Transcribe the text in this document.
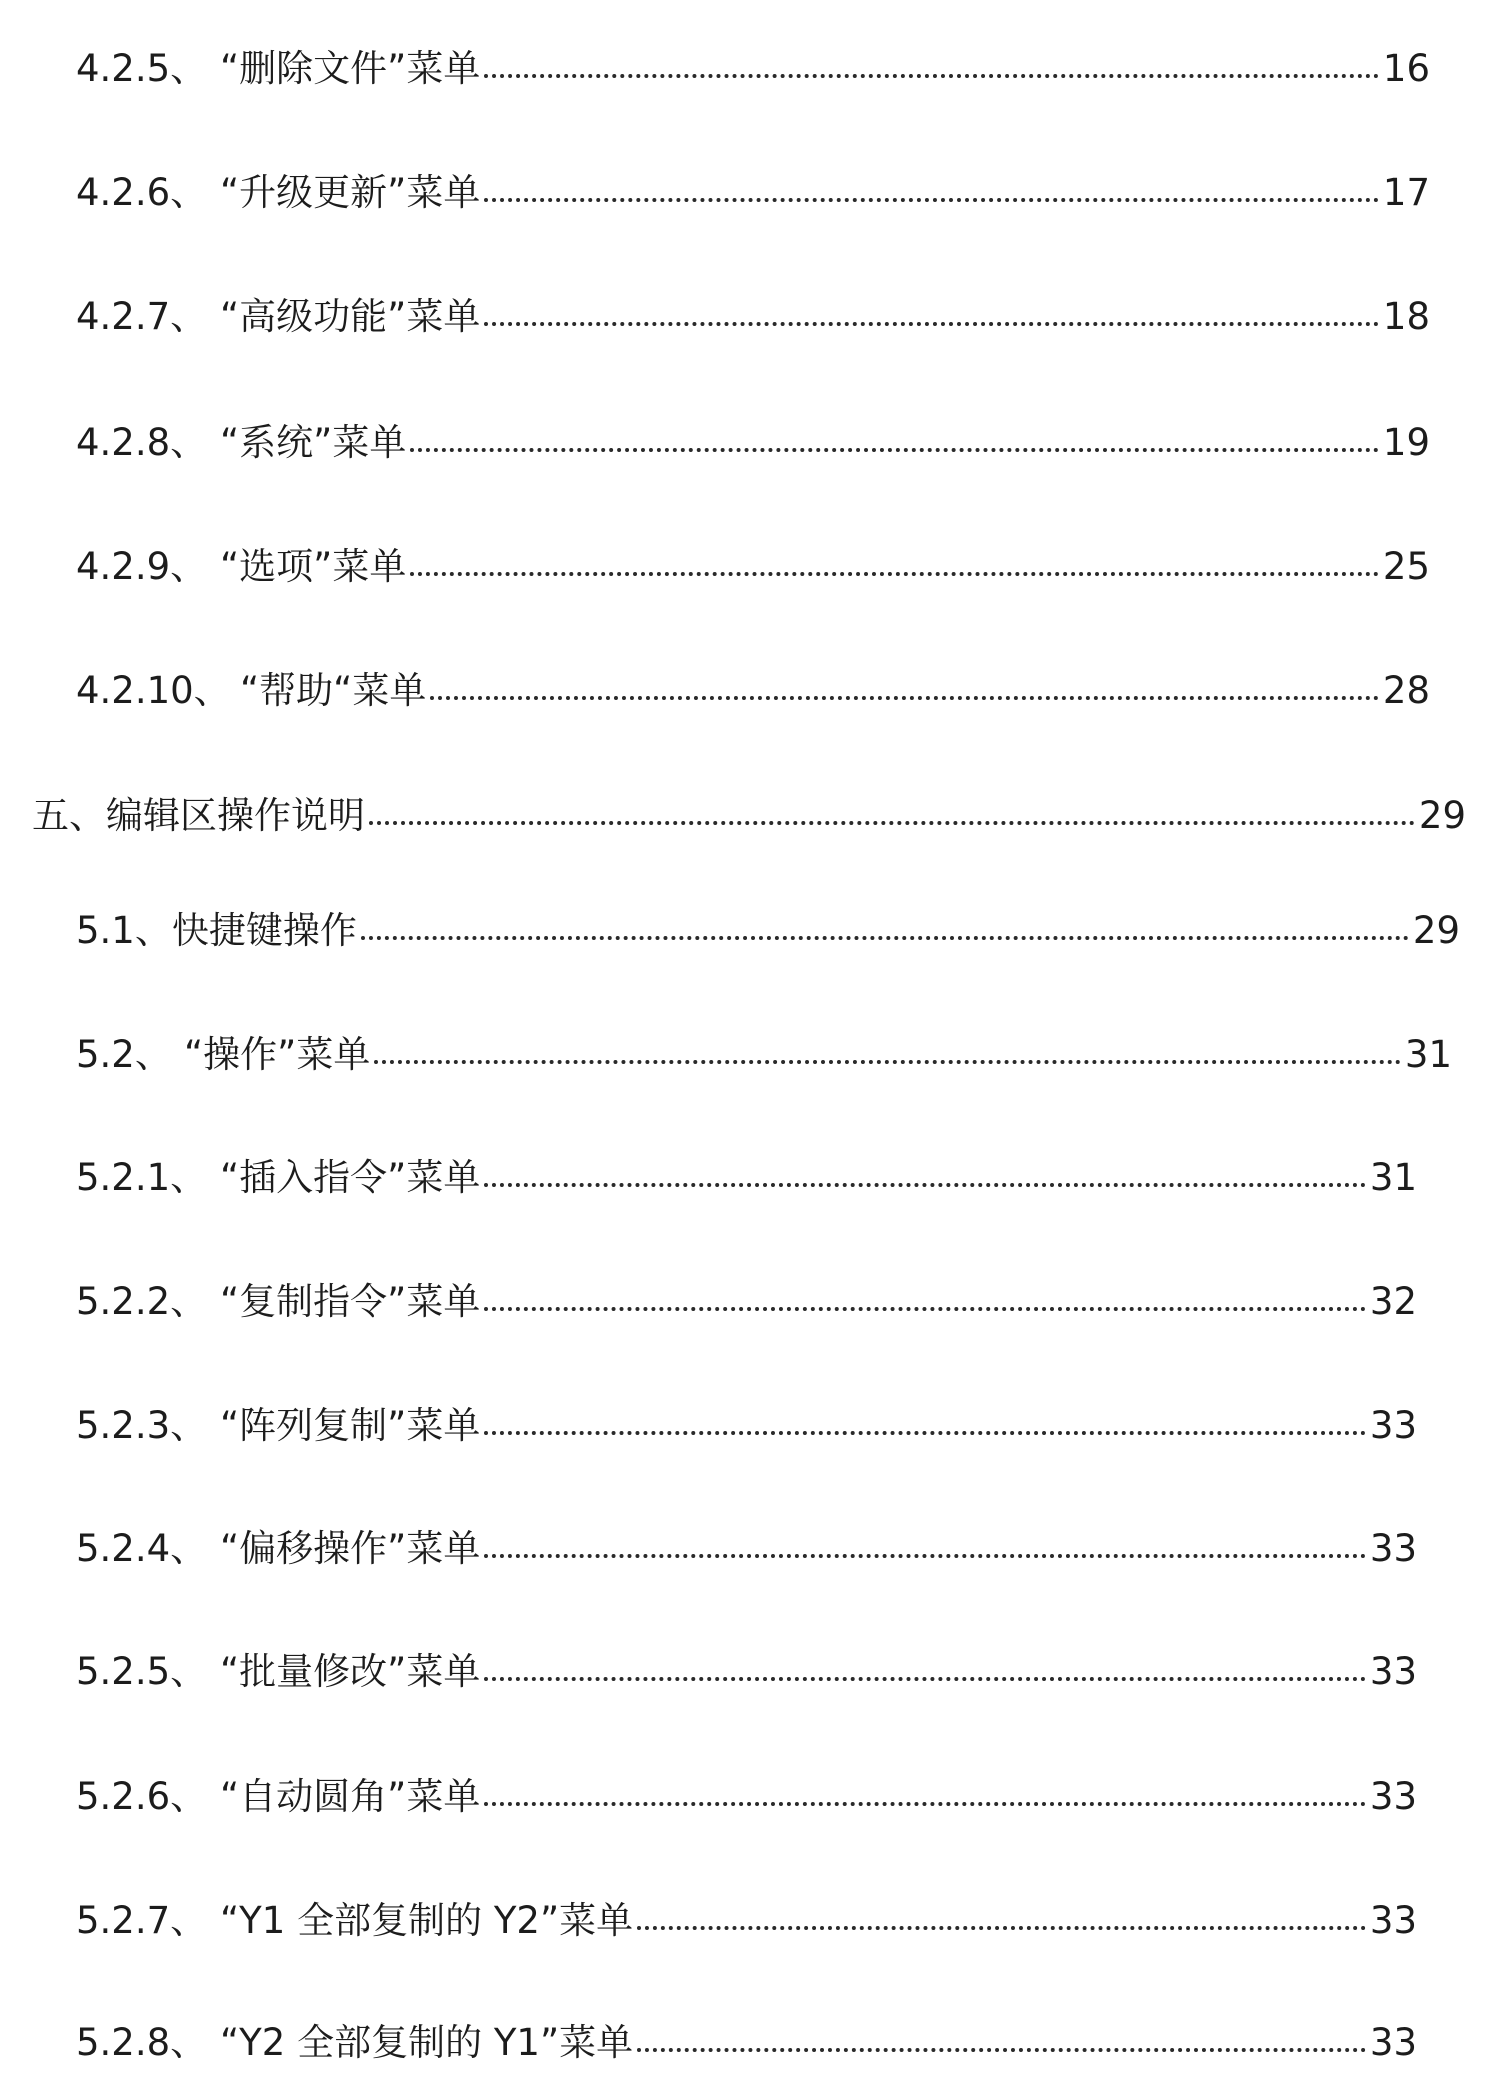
4.2.5、 “删除文件”菜单	16
4.2.6、 “升级更新”菜单	17
4.2.7、 “高级功能”菜单	18
4.2.8、 “系统”菜单	19
4.2.9、 “选项”菜单	25
4.2.10、 “帮助“菜单	28
五、 编辑区操作说明	29
5.1、 快捷键操作	29
5.2、 “操作”菜单	31
5.2.1、 “插入指令”菜单	31
5.2.2、 “复制指令”菜单	32
5.2.3、 “阵列复制”菜单	33
5.2.4、 “偏移操作”菜单	33
5.2.5、 “批量修改”菜单	33
5.2.6、 “自动圆角”菜单	33
5.2.7、 “Y1 全部复制的 Y2”菜单	33
5.2.8、 “Y2 全部复制的 Y1”菜单	33
